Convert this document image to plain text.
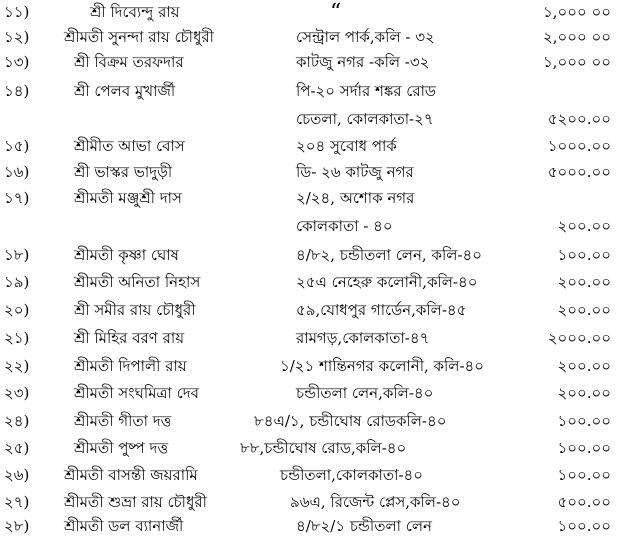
১১)	শ্রী দিব্যেন্দু রায়	“	১,০০০ ০০
১২) শ্রীমতী সুনন্দা রায় চৌধুরী	সেন্ট্রাল পার্ক,কলি - ৩২	২,০০০ ০০
১৩)	শ্রী বিক্রম তরফদার	কাটজু নগর -কলি -৩২	১,০০০ ০০
১৪)	শ্রী পেলব মুখার্জী	পি-২০ সর্দার শঙ্কর রোড
চেতলা, কোলকাতা-২৭	৫২০০.০০
১৫)	শ্রীমীত আভা বোস	২০৪ সুবোধ পার্ক	১০০০.০০
১৬)	শ্রী ভাস্কর ভাদুড়ী	ডি- ২৬ কাটজু নগর	৫০০০.০০
১৭)	শ্রীমতী মঞ্জুশ্রী দাস	২/২৪, অশোক নগর
কোলকাতা - ৪০	২০০.০০
১৮)	শ্রীমতী কৃষ্ণা ঘোষ	৪/৮২, চন্ডীতলা লেন, কলি-৪০	১০০.০০
১৯)	শ্রীমতী অনিতা নিহাস	২৫এ নেহেরু কলোনী,কলি-৪০	২০০.০০
২০)	শ্রী সমীর রায় চৌধুরী	৫৯,যোধপুর গার্ডেন,কলি-৪৫	২০০.০০
২১)	শ্রী মিহির বরণ রায়	রামগড়,কোলকাতা-৪৭	২০০০.০০
২২)	শ্রীমতী দিপালী রায়	১/২১ শান্তিনগর কলোনী, কলি-৪০	২০০.০০
২৩)	শ্রীমতী সংঘমিত্রা দেব	চন্ডীতলা লেন,কলি-৪০	২০০.০০
২৪)	শ্রীমতী গীতা দত্ত	৮৪এ/১, চন্ডীঘোষ রোডকলি-৪০	১০০.০০
২৫)	শ্রীমতী পুষ্প দত্ত	৮৮,চন্ডীঘোষ রোড,কলি-৪০	১০০.০০
২৬) শ্রীমতী বাসন্তী জয়রামি	চন্ডীতলা,কোলকাতা-৪০	১০০.০০
২৭) শ্রীমতী শুভ্রা রায় চৌধুরী	৯৬এ, রিজেন্ট প্লেস,কলি-৪০	৫০০.০০
২৮) শ্রীমতী ডল ব্যানার্জী	৪/৮২/১ চন্ডীতলা লেন	১০০.০০
